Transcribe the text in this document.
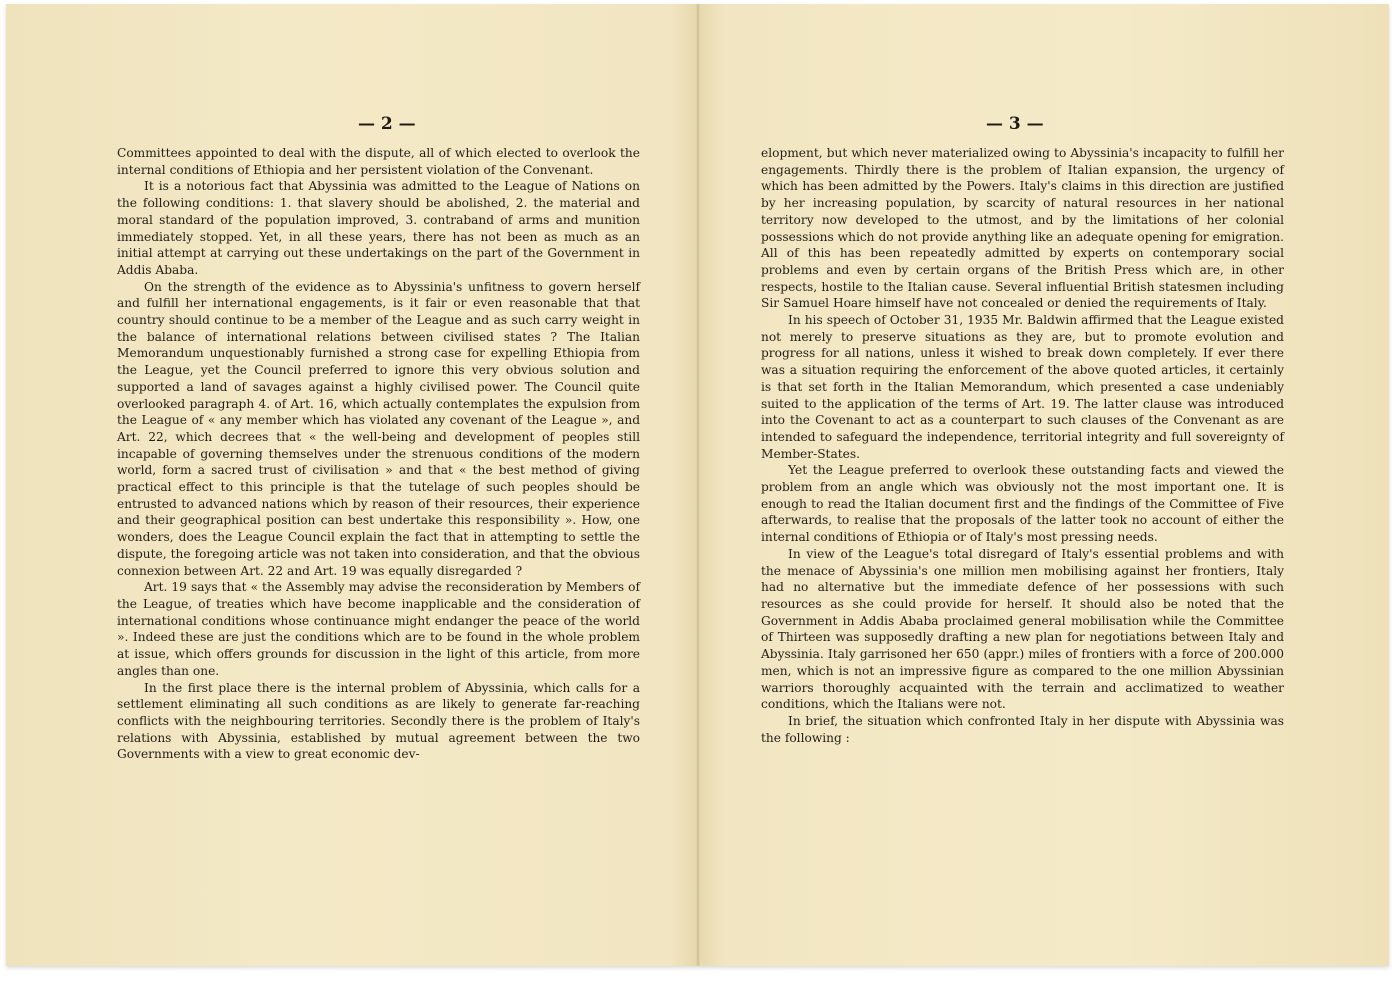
— 2 —

Committees appointed to deal with the dispute, all of which elected to overlook the internal conditions of Ethiopia and her persistent violation of the Convenant.

It is a notorious fact that Abyssinia was admitted to the League of Nations on the following conditions: 1. that slavery should be abolished, 2. the material and moral standard of the population improved, 3. contraband of arms and munition immediately stopped. Yet, in all these years, there has not been as much as an initial attempt at carrying out these undertakings on the part of the Government in Addis Ababa.

On the strength of the evidence as to Abyssinia's unfitness to govern herself and fulfill her international engagements, is it fair or even reasonable that that country should continue to be a member of the League and as such carry weight in the balance of international relations between civilised states ? The Italian Memorandum unquestionably furnished a strong case for expelling Ethiopia from the League, yet the Council preferred to ignore this very obvious solution and supported a land of savages against a highly civilised power. The Council quite overlooked paragraph 4. of Art. 16, which actually contemplates the expulsion from the League of « any member which has violated any covenant of the League », and Art. 22, which decrees that « the well-being and development of peoples still incapable of governing themselves under the strenuous conditions of the modern world, form a sacred trust of civilisation » and that « the best method of giving practical effect to this principle is that the tutelage of such peoples should be entrusted to advanced nations which by reason of their resources, their experience and their geographical position can best undertake this responsibility ». How, one wonders, does the League Council explain the fact that in attempting to settle the dispute, the foregoing article was not taken into consideration, and that the obvious connexion between Art. 22 and Art. 19 was equally disregarded ?

Art. 19 says that « the Assembly may advise the reconsideration by Members of the League, of treaties which have become inapplicable and the consideration of international conditions whose continuance might endanger the peace of the world ». Indeed these are just the conditions which are to be found in the whole problem at issue, which offers grounds for discussion in the light of this article, from more angles than one.

In the first place there is the internal problem of Abyssinia, which calls for a settlement eliminating all such conditions as are likely to generate far-reaching conflicts with the neighbouring territories. Secondly there is the problem of Italy's relations with Abyssinia, established by mutual agreement between the two Governments with a view to great economic dev-

— 3 —

elopment, but which never materialized owing to Abyssinia's incapacity to fulfill her engagements. Thirdly there is the problem of Italian expansion, the urgency of which has been admitted by the Powers. Italy's claims in this direction are justified by her increasing population, by scarcity of natural resources in her national territory now developed to the utmost, and by the limitations of her colonial possessions which do not provide anything like an adequate opening for emigration. All of this has been repeatedly admitted by experts on contemporary social problems and even by certain organs of the British Press which are, in other respects, hostile to the Italian cause. Several influential British statesmen including Sir Samuel Hoare himself have not concealed or denied the requirements of Italy.

In his speech of October 31, 1935 Mr. Baldwin affirmed that the League existed not merely to preserve situations as they are, but to promote evolution and progress for all nations, unless it wished to break down completely. If ever there was a situation requiring the enforcement of the above quoted articles, it certainly is that set forth in the Italian Memorandum, which presented a case undeniably suited to the application of the terms of Art. 19. The latter clause was introduced into the Covenant to act as a counterpart to such clauses of the Convenant as are intended to safeguard the independence, territorial integrity and full sovereignty of Member-States.

Yet the League preferred to overlook these outstanding facts and viewed the problem from an angle which was obviously not the most important one. It is enough to read the Italian document first and the findings of the Committee of Five afterwards, to realise that the proposals of the latter took no account of either the internal conditions of Ethiopia or of Italy's most pressing needs.

In view of the League's total disregard of Italy's essential problems and with the menace of Abyssinia's one million men mobilising against her frontiers, Italy had no alternative but the immediate defence of her possessions with such resources as she could provide for herself. It should also be noted that the Government in Addis Ababa proclaimed general mobilisation while the Committee of Thirteen was supposedly drafting a new plan for negotiations between Italy and Abyssinia. Italy garrisoned her 650 (appr.) miles of frontiers with a force of 200.000 men, which is not an impressive figure as compared to the one million Abyssinian warriors thoroughly acquainted with the terrain and acclimatized to weather conditions, which the Italians were not.

In brief, the situation which confronted Italy in her dispute with Abyssinia was the following :
